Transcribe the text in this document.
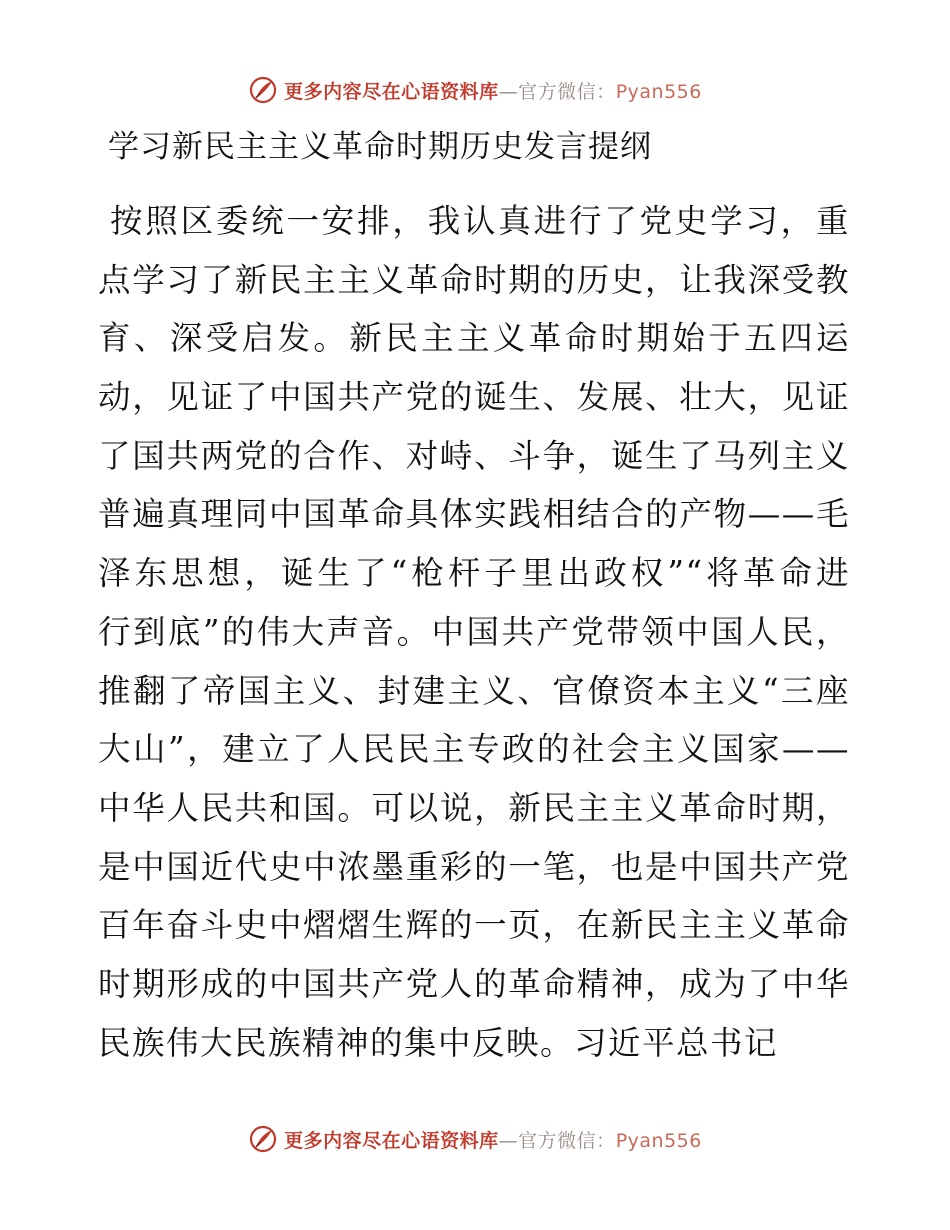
更多内容尽在心语资料库—官方微信：Pyan556
学习新民主主义革命时期历史发言提纲
按照区委统一安排，我认真进行了党史学习，重
点学习了新民主主义革命时期的历史，让我深受教
育、深受启发。新民主主义革命时期始于五四运
动，见证了中国共产党的诞生、发展、壮大，见证
了国共两党的合作、对峙、斗争，诞生了马列主义
普遍真理同中国革命具体实践相结合的产物——毛
泽东思想，诞生了“枪杆子里出政权”“将革命进
行到底”的伟大声音。中国共产党带领中国人民，
推翻了帝国主义、封建主义、官僚资本主义“三座
大山”，建立了人民民主专政的社会主义国家——
中华人民共和国。可以说，新民主主义革命时期，
是中国近代史中浓墨重彩的一笔，也是中国共产党
百年奋斗史中熠熠生辉的一页，在新民主主义革命
时期形成的中国共产党人的革命精神，成为了中华
民族伟大民族精神的集中反映。习近平总书记
更多内容尽在心语资料库—官方微信：Pyan556
